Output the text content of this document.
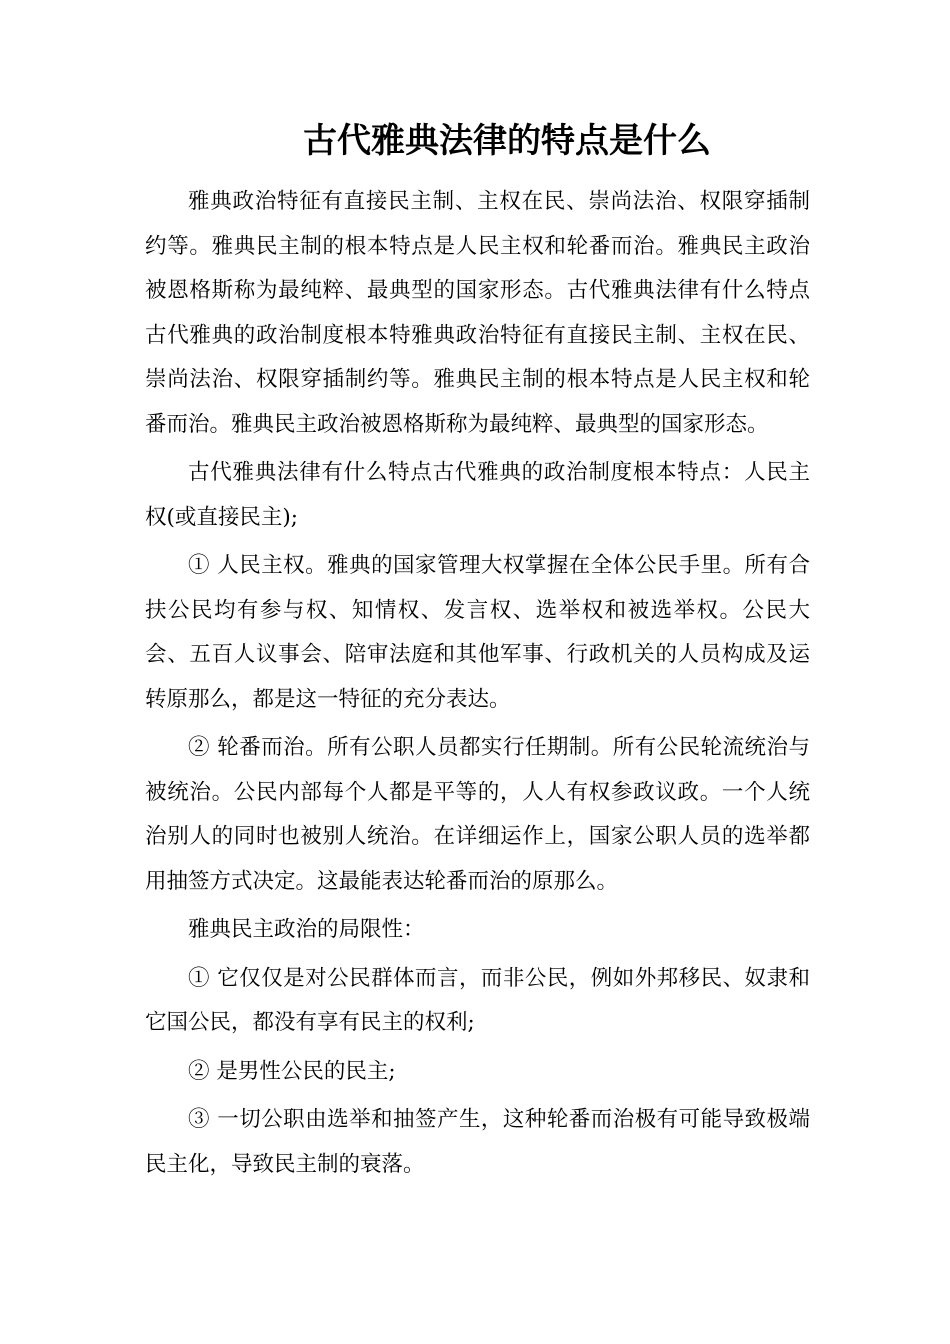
古代雅典法律的特点是什么

雅典政治特征有直接民主制、主权在民、崇尚法治、权限穿插制约等。雅典民主制的根本特点是人民主权和轮番而治。雅典民主政治被恩格斯称为最纯粹、最典型的国家形态。古代雅典法律有什么特点古代雅典的政治制度根本特雅典政治特征有直接民主制、主权在民、崇尚法治、权限穿插制约等。雅典民主制的根本特点是人民主权和轮番而治。雅典民主政治被恩格斯称为最纯粹、最典型的国家形态。

古代雅典法律有什么特点古代雅典的政治制度根本特点：人民主权(或直接民主);

① 人民主权。雅典的国家管理大权掌握在全体公民手里。所有合扶公民均有参与权、知情权、发言权、选举权和被选举权。公民大会、五百人议事会、陪审法庭和其他军事、行政机关的人员构成及运转原那么，都是这一特征的充分表达。

② 轮番而治。所有公职人员都实行任期制。所有公民轮流统治与被统治。公民内部每个人都是平等的，人人有权参政议政。一个人统治别人的同时也被别人统治。在详细运作上，国家公职人员的选举都用抽签方式决定。这最能表达轮番而治的原那么。

雅典民主政治的局限性：

① 它仅仅是对公民群体而言，而非公民，例如外邦移民、奴隶和它国公民，都没有享有民主的权利;

② 是男性公民的民主;

③ 一切公职由选举和抽签产生，这种轮番而治极有可能导致极端民主化，导致民主制的衰落。
